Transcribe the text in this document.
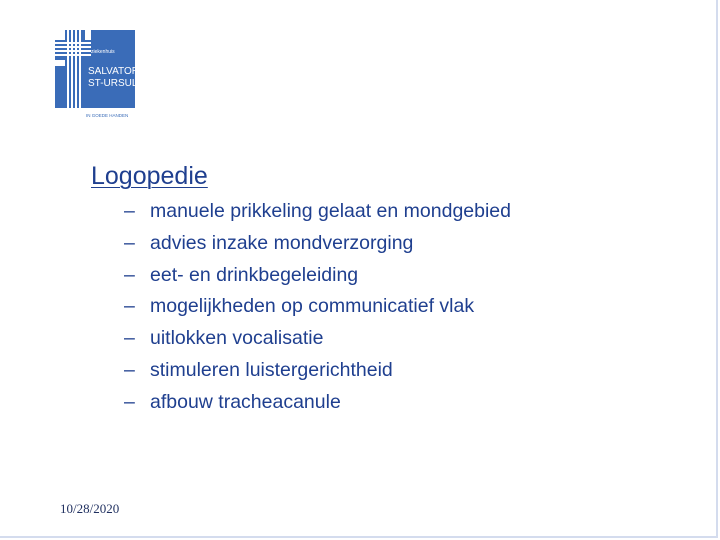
ziekenhuis
SALVATOR
ST-URSULA
IN GOEDE HANDEN
Logopedie
– manuele prikkeling gelaat en mondgebied
– advies inzake mondverzorging
– eet- en drinkbegeleiding
– mogelijkheden op communicatief vlak
– uitlokken vocalisatie
– stimuleren luistergerichtheid
– afbouw tracheacanule
10/28/2020
